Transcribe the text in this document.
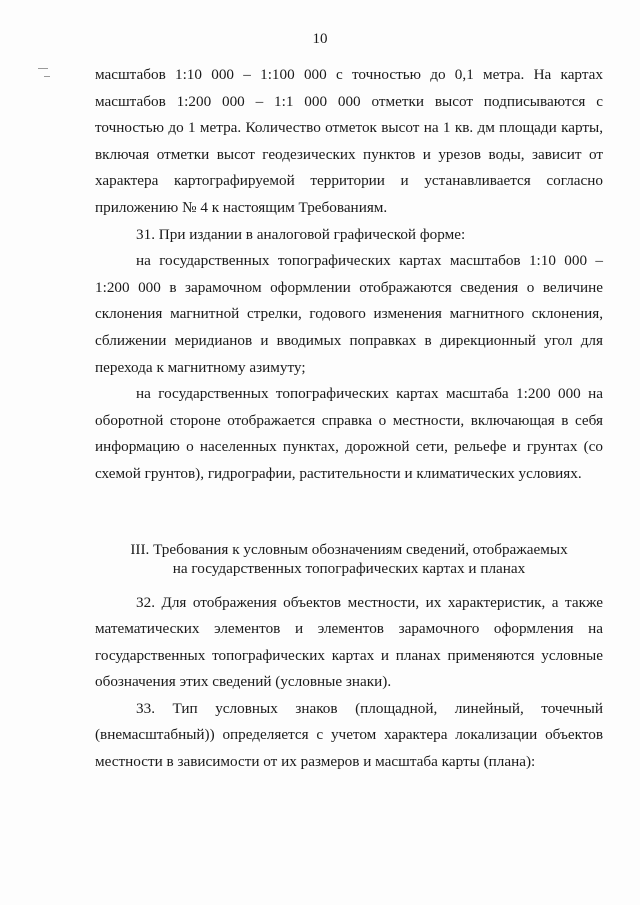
10

масштабов 1:10 000 – 1:100 000 с точностью до 0,1 метра. На картах масштабов 1:200 000 – 1:1 000 000 отметки высот подписываются с точностью до 1 метра. Количество отметок высот на 1 кв. дм площади карты, включая отметки высот геодезических пунктов и урезов воды, зависит от характера картографируемой территории и устанавливается согласно приложению № 4 к настоящим Требованиям.

31. При издании в аналоговой графической форме:

на государственных топографических картах масштабов 1:10 000 – 1:200 000 в зарамочном оформлении отображаются сведения о величине склонения магнитной стрелки, годового изменения магнитного склонения, сближении меридианов и вводимых поправках в дирекционный угол для перехода к магнитному азимуту;

на государственных топографических картах масштаба 1:200 000 на оборотной стороне отображается справка о местности, включающая в себя информацию о населенных пунктах, дорожной сети, рельефе и грунтах (со схемой грунтов), гидрографии, растительности и климатических условиях.

III. Требования к условным обозначениям сведений, отображаемых
на государственных топографических картах и планах

32. Для отображения объектов местности, их характеристик, а также математических элементов и элементов зарамочного оформления на государственных топографических картах и планах применяются условные обозначения этих сведений (условные знаки).

33. Тип условных знаков (площадной, линейный, точечный (внемасштабный)) определяется с учетом характера локализации объектов местности в зависимости от их размеров и масштаба карты (плана):
